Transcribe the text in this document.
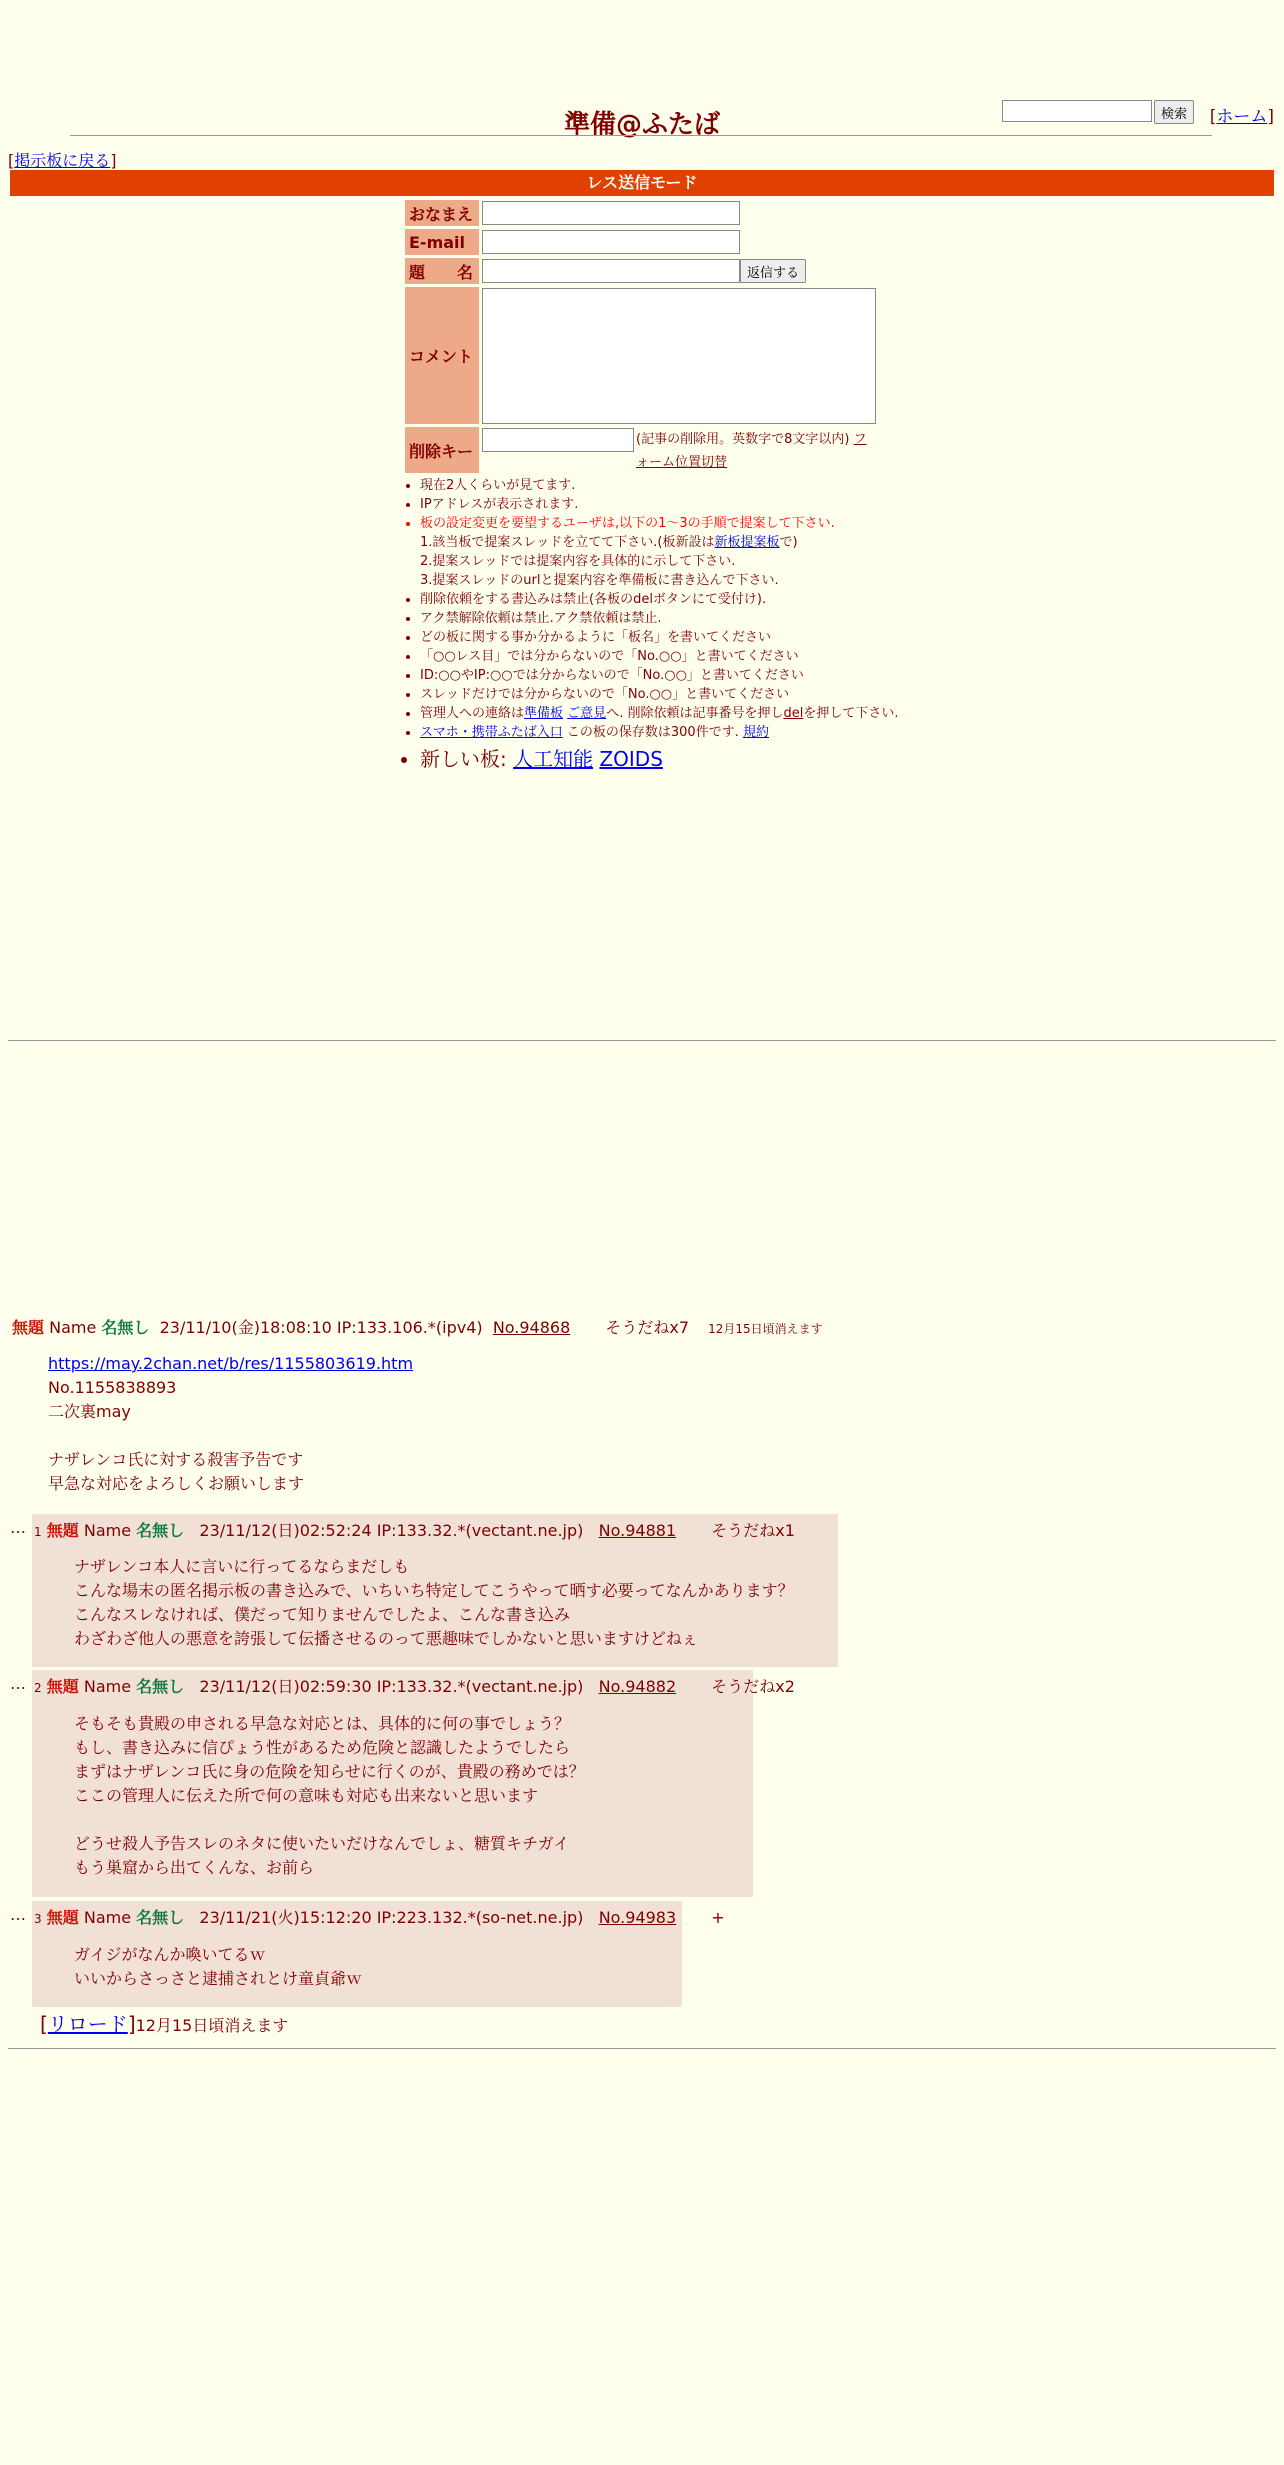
[ホーム]
検索
準備@ふたば
[掲示板に戻る]
レス送信モード
おなまえ
E-mail
題　　名	返信する
コメント
削除キー
(記事の削除用。英数字で8文字以内) フォーム位置切替
• 現在2人くらいが見てます.
• IPアドレスが表示されます.
• 板の設定変更を要望するユーザは,以下の1〜3の手順で提案して下さい.
1.該当板で提案スレッドを立てて下さい.(板新設は新板提案板で)
2.提案スレッドでは提案内容を具体的に示して下さい.
3.提案スレッドのurlと提案内容を準備板に書き込んで下さい.
• 削除依頼をする書込みは禁止(各板のdelボタンにて受付け).
• アク禁解除依頼は禁止.アク禁依頼は禁止.
• どの板に関する事か分かるように「板名」を書いてください
• 「○○レス目」では分からないので「No.○○」と書いてください
• ID:○○やIP:○○では分からないので「No.○○」と書いてください
• スレッドだけでは分からないので「No.○○」と書いてください
• 管理人への連絡は準備板 ご意見へ. 削除依頼は記事番号を押しdelを押して下さい.
• スマホ・携帯ふたば入口 この板の保存数は300件です. 規約
• 新しい板: 人工知能 ZOIDS
無題 Name 名無し 23/11/10(金)18:08:10 IP:133.106.*(ipv4) No.94868 そうだねx7 12月15日頃消えます
https://may.2chan.net/b/res/1155803619.htm
No.1155838893
二次裏may

ナザレンコ氏に対する殺害予告です
早急な対応をよろしくお願いします
… 1 無題 Name 名無し 23/11/12(日)02:52:24 IP:133.32.*(vectant.ne.jp) No.94881 そうだねx1
ナザレンコ本人に言いに行ってるならまだしも
こんな場末の匿名掲示板の書き込みで、いちいち特定してこうやって晒す必要ってなんかあります？
こんなスレなければ、僕だって知りませんでしたよ、こんな書き込み
わざわざ他人の悪意を誇張して伝播させるのって悪趣味でしかないと思いますけどねぇ
… 2 無題 Name 名無し 23/11/12(日)02:59:30 IP:133.32.*(vectant.ne.jp) No.94882 そうだねx2
そもそも貴殿の申される早急な対応とは、具体的に何の事でしょう？
もし、書き込みに信ぴょう性があるため危険と認識したようでしたら
まずはナザレンコ氏に身の危険を知らせに行くのが、貴殿の務めでは？
ここの管理人に伝えた所で何の意味も対応も出来ないと思います

どうせ殺人予告スレのネタに使いたいだけなんでしょ、糖質キチガイ
もう巣窟から出てくんな、お前ら
… 3 無題 Name 名無し 23/11/21(火)15:12:20 IP:223.132.*(so-net.ne.jp) No.94983 +
ガイジがなんか喚いてるｗ
いいからさっさと逮捕されとけ童貞爺ｗ
[リロード]12月15日頃消えます
